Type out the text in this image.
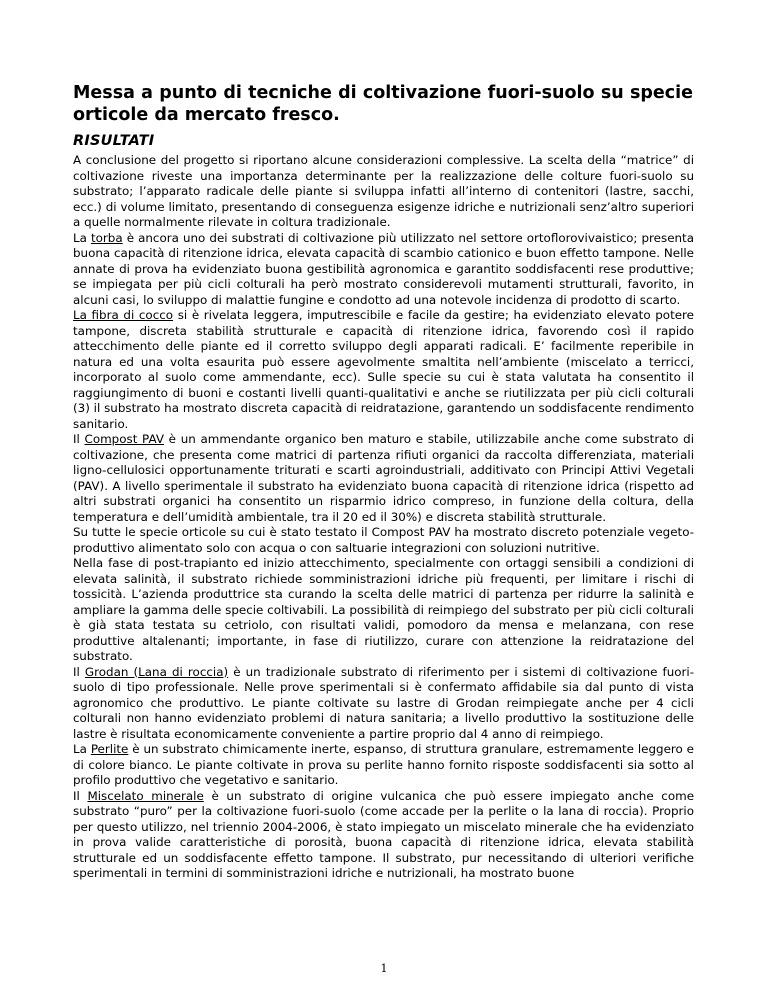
Messa a punto di tecniche di coltivazione fuori-suolo su specie orticole da mercato fresco.
RISULTATI

A conclusione del progetto si riportano alcune considerazioni complessive. La scelta della “matrice” di coltivazione riveste una importanza determinante per la realizzazione delle colture fuori-suolo su substrato; l’apparato radicale delle piante si sviluppa infatti all’interno di contenitori (lastre, sacchi, ecc.) di volume limitato, presentando di conseguenza esigenze idriche e nutrizionali senz’altro superiori a quelle normalmente rilevate in coltura tradizionale.

La torba è ancora uno dei substrati di coltivazione più utilizzato nel settore ortoflorovivaistico; presenta buona capacità di ritenzione idrica, elevata capacità di scambio cationico e buon effetto tampone. Nelle annate di prova ha evidenziato buona gestibilità agronomica e garantito soddisfacenti rese produttive; se impiegata per più cicli colturali ha però mostrato considerevoli mutamenti strutturali, favorito, in alcuni casi, lo sviluppo di malattie fungine e condotto ad una notevole incidenza di prodotto di scarto.

La fibra di cocco si è rivelata leggera, imputrescibile e facile da gestire; ha evidenziato elevato potere tampone, discreta stabilità strutturale e capacità di ritenzione idrica, favorendo così il rapido attecchimento delle piante ed il corretto sviluppo degli apparati radicali. E’ facilmente reperibile in natura ed una volta esaurita può essere agevolmente smaltita nell’ambiente (miscelato a terricci, incorporato al suolo come ammendante, ecc). Sulle specie su cui è stata valutata ha consentito il raggiungimento di buoni e costanti livelli quanti-qualitativi e anche se riutilizzata per più cicli colturali (3) il substrato ha mostrato discreta capacità di reidratazione, garantendo un soddisfacente rendimento sanitario.

Il Compost PAV è un ammendante organico ben maturo e stabile, utilizzabile anche come substrato di coltivazione, che presenta come matrici di partenza rifiuti organici da raccolta differenziata, materiali ligno-cellulosici opportunamente triturati e scarti agroindustriali, additivato con Principi Attivi Vegetali (PAV). A livello sperimentale il substrato ha evidenziato buona capacità di ritenzione idrica (rispetto ad altri substrati organici ha consentito un risparmio idrico compreso, in funzione della coltura, della temperatura e dell’umidità ambientale, tra il 20 ed il 30%) e discreta stabilità strutturale.

Su tutte le specie orticole su cui è stato testato il Compost PAV ha mostrato discreto potenziale vegeto-produttivo alimentato solo con acqua o con saltuarie integrazioni con soluzioni nutritive.

Nella fase di post-trapianto ed inizio attecchimento, specialmente con ortaggi sensibili a condizioni di elevata salinità, il substrato richiede somministrazioni idriche più frequenti, per limitare i rischi di tossicità. L’azienda produttrice sta curando la scelta delle matrici di partenza per ridurre la salinità e ampliare la gamma delle specie coltivabili. La possibilità di reimpiego del substrato per più cicli colturali è già stata testata su cetriolo, con risultati validi, pomodoro da mensa e melanzana, con rese produttive altalenanti; importante, in fase di riutilizzo, curare con attenzione la reidratazione del substrato.

Il Grodan (Lana di roccia) è un tradizionale substrato di riferimento per i sistemi di coltivazione fuori-suolo di tipo professionale. Nelle prove sperimentali si è confermato affidabile sia dal punto di vista agronomico che produttivo. Le piante coltivate su lastre di Grodan reimpiegate anche per 4 cicli colturali non hanno evidenziato problemi di natura sanitaria; a livello produttivo la sostituzione delle lastre è risultata economicamente conveniente a partire proprio dal 4 anno di reimpiego.

La Perlite è un substrato chimicamente inerte, espanso, di struttura granulare, estremamente leggero e di colore bianco. Le piante coltivate in prova su perlite hanno fornito risposte soddisfacenti sia sotto al profilo produttivo che vegetativo e sanitario.

Il Miscelato minerale è un substrato di origine vulcanica che può essere impiegato anche come substrato “puro” per la coltivazione fuori-suolo (come accade per la perlite o la lana di roccia). Proprio per questo utilizzo, nel triennio 2004-2006, è stato impiegato un miscelato minerale che ha evidenziato in prova valide caratteristiche di porosità, buona capacità di ritenzione idrica, elevata stabilità strutturale ed un soddisfacente effetto tampone. Il substrato, pur necessitando di ulteriori verifiche sperimentali in termini di somministrazioni idriche e nutrizionali, ha mostrato buone

1
